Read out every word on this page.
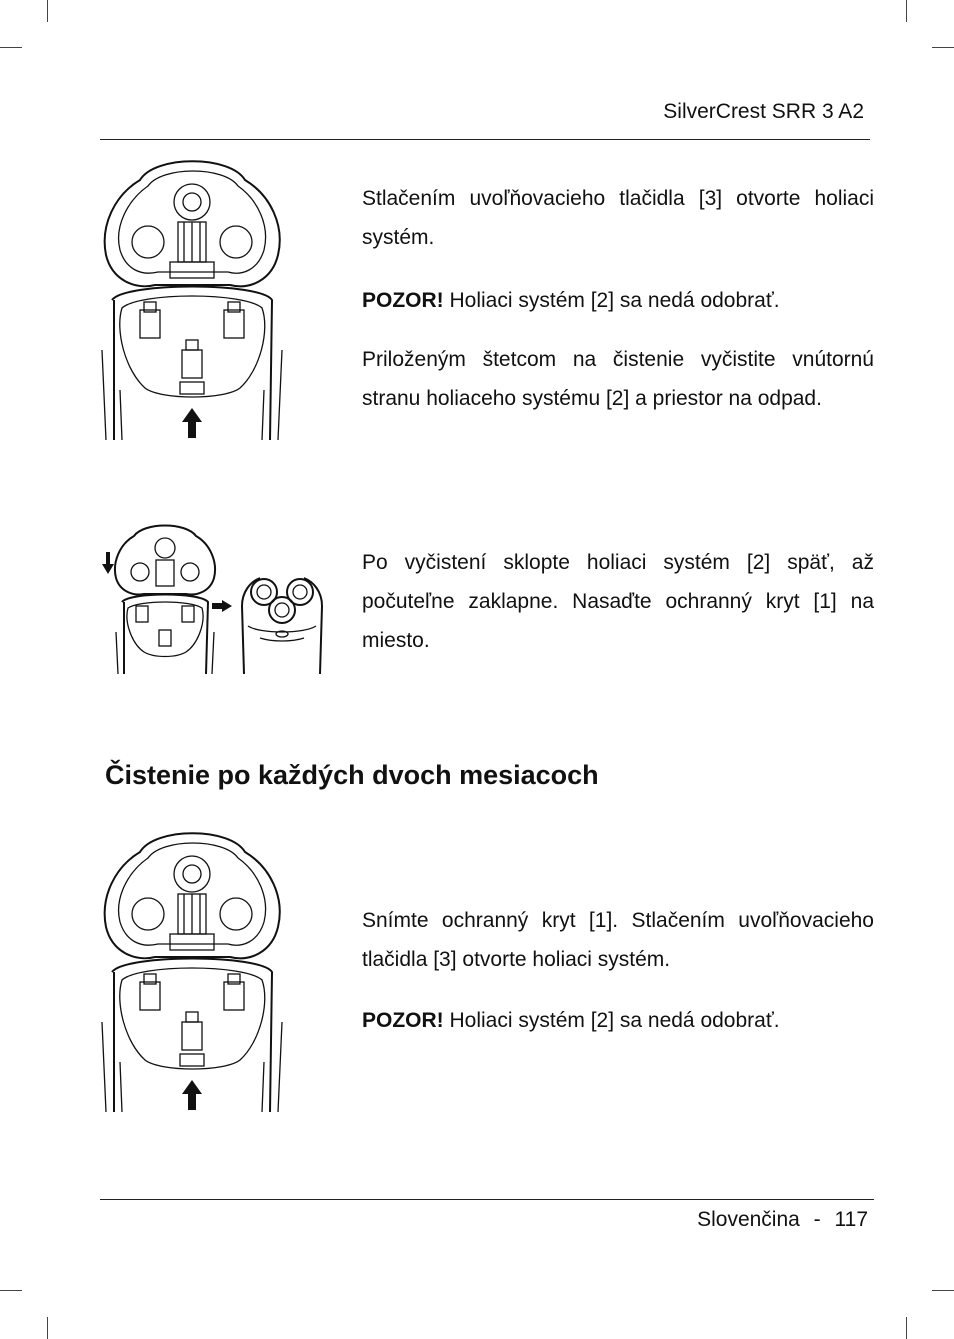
SilverCrest SRR 3 A2

Stlačením uvoľňovacieho tlačidla [3] otvorte holiaci systém.

POZOR! Holiaci systém [2] sa nedá odobrať.

Priloženým štetcom na čistenie vyčistite vnútornú stranu holiaceho systému [2] a priestor na odpad.

Po vyčistení sklopte holiaci systém [2] späť, až počuteľne zaklapne. Nasaďte ochranný kryt [1] na miesto.

Čistenie po každých dvoch mesiacoch

Snímte ochranný kryt [1]. Stlačením uvoľňovacieho tlačidla [3] otvorte holiaci systém.

POZOR! Holiaci systém [2] sa nedá odobrať.

Slovenčina - 117
